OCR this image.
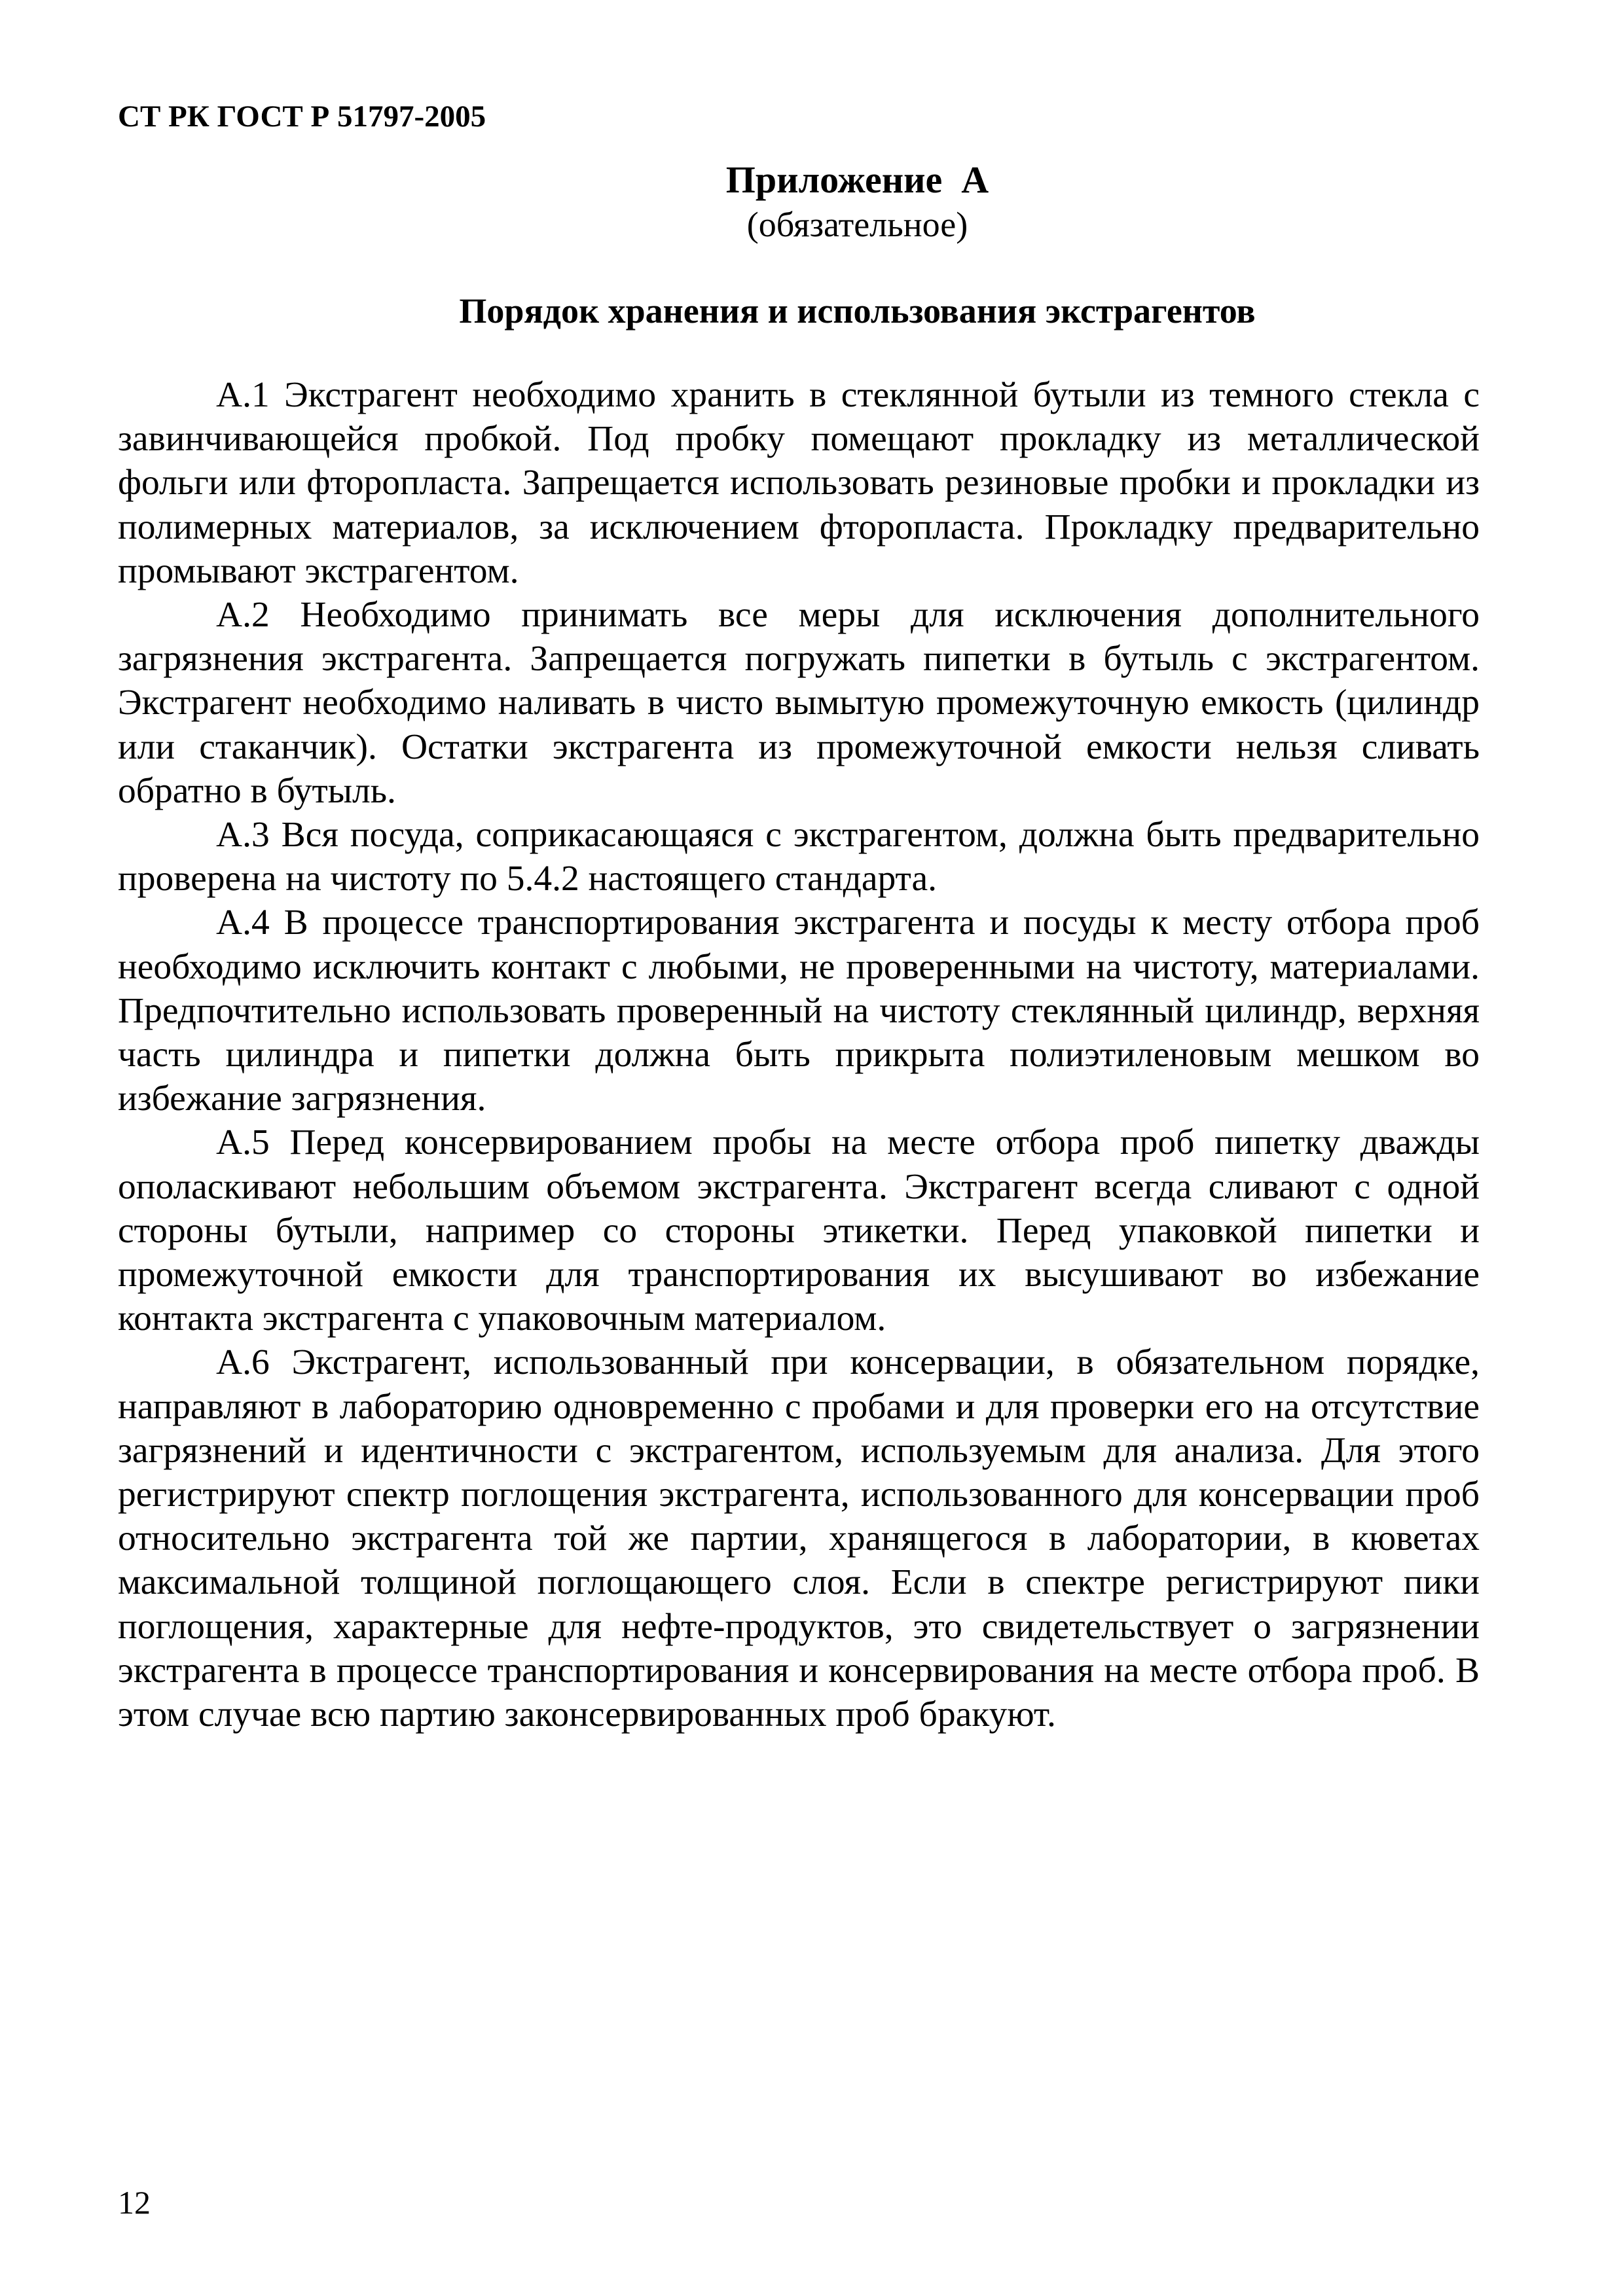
СТ РК ГОСТ Р 51797-2005
Приложение  А
(обязательное)
Порядок хранения и использования экстрагентов

А.1 Экстрагент необходимо хранить в стеклянной бутыли из темного стекла с завинчивающейся пробкой. Под пробку помещают прокладку из металлической фольги или фторопласта. Запрещается использовать резиновые пробки и прокладки из полимерных материалов, за исключением фторопласта. Прокладку предварительно промывают экстрагентом.

А.2 Необходимо принимать все меры для исключения дополнительного загрязнения экстрагента. Запрещается погружать пипетки в бутыль с экстрагентом. Экстрагент необходимо наливать в чисто вымытую промежуточную емкость (цилиндр или стаканчик). Остатки экстрагента из промежуточной емкости нельзя сливать обратно в бутыль.

А.3 Вся посуда, соприкасающаяся с экстрагентом, должна быть предварительно проверена на чистоту по 5.4.2 настоящего стандарта.

А.4 В процессе транспортирования экстрагента и посуды к месту отбора проб необходимо исключить контакт с любыми, не проверенными на чистоту, материалами. Предпочтительно использовать проверенный на чистоту стеклянный цилиндр, верхняя часть цилиндра и пипетки должна быть прикрыта полиэтиленовым мешком во избежание загрязнения.

А.5 Перед консервированием пробы на месте отбора проб пипетку дважды ополаскивают небольшим объемом экстрагента. Экстрагент всегда сливают с одной стороны бутыли, например со стороны этикетки. Перед упаковкой пипетки и промежуточной емкости для транспортирования их высушивают во избежание контакта экстрагента с упаковочным материалом.

А.6 Экстрагент, использованный при консервации, в обязательном порядке, направляют в лабораторию одновременно с пробами и для проверки его на отсутствие загрязнений и идентичности с экстрагентом, используемым для анализа. Для этого регистрируют спектр поглощения экстрагента, использованного для консервации проб относительно экстрагента той же партии, хранящегося в лаборатории, в кюветах максимальной толщиной поглощающего слоя. Если в спектре регистрируют пики поглощения, характерные для нефте-продуктов, это свидетельствует о загрязнении экстрагента в процессе транспортирования и консервирования на месте отбора проб. В этом случае всю партию законсервированных проб бракуют.

12
